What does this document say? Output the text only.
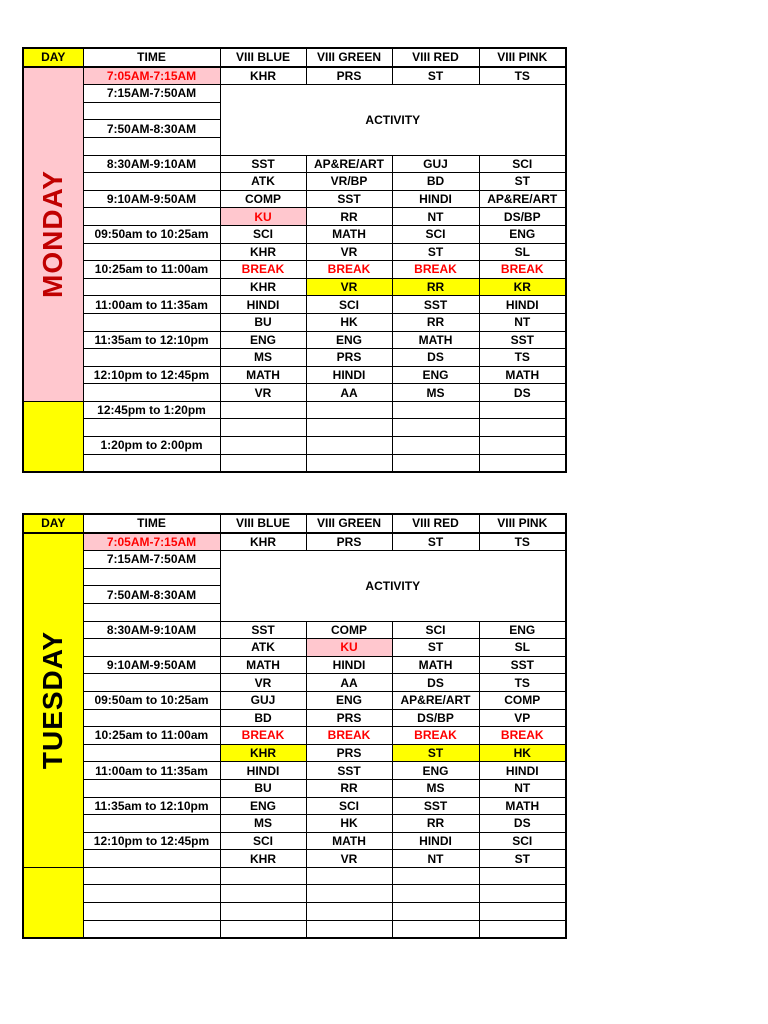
DAY	TIME	VIII BLUE	VIII GREEN	VIII RED	VIII PINK

MONDAY	7:05AM-7:15AM	KHR	PRS	ST	TS
	7:15AM-7:50AM	ACTIVITY			

	7:50AM-8:30AM				

	8:30AM-9:10AM	SST	AP&RE/ART	GUJ	SCI
		ATK	VR/BP	BD	ST
	9:10AM-9:50AM	COMP	SST	HINDI	AP&RE/ART
		KU	RR	NT	DS/BP
	09:50am to 10:25am	SCI	MATH	SCI	ENG
		KHR	VR	ST	SL
	10:25am to 11:00am	BREAK	BREAK	BREAK	BREAK
		KHR	VR	RR	KR
	11:00am to 11:35am	HINDI	SCI	SST	HINDI
		BU	HK	RR	NT
	11:35am to 12:10pm	ENG	ENG	MATH	SST
		MS	PRS	DS	TS
	12:10pm to 12:45pm	MATH	HINDI	ENG	MATH
		VR	AA	MS	DS
	12:45pm to 1:20pm				

	1:20pm to 2:00pm				

DAY	TIME	VIII BLUE	VIII GREEN	VIII RED	VIII PINK

TUESDAY	7:05AM-7:15AM	KHR	PRS	ST	TS
	7:15AM-7:50AM	ACTIVITY			

	7:50AM-8:30AM				

	8:30AM-9:10AM	SST	COMP	SCI	ENG
		ATK	KU	ST	SL
	9:10AM-9:50AM	MATH	HINDI	MATH	SST
		VR	AA	DS	TS
	09:50am to 10:25am	GUJ	ENG	AP&RE/ART	COMP
		BD	PRS	DS/BP	VP
	10:25am to 11:00am	BREAK	BREAK	BREAK	BREAK
		KHR	PRS	ST	HK
	11:00am to 11:35am	HINDI	SST	ENG	HINDI
		BU	RR	MS	NT
	11:35am to 12:10pm	ENG	SCI	SST	MATH
		MS	HK	RR	DS
	12:10pm to 12:45pm	SCI	MATH	HINDI	SCI
		KHR	VR	NT	ST
